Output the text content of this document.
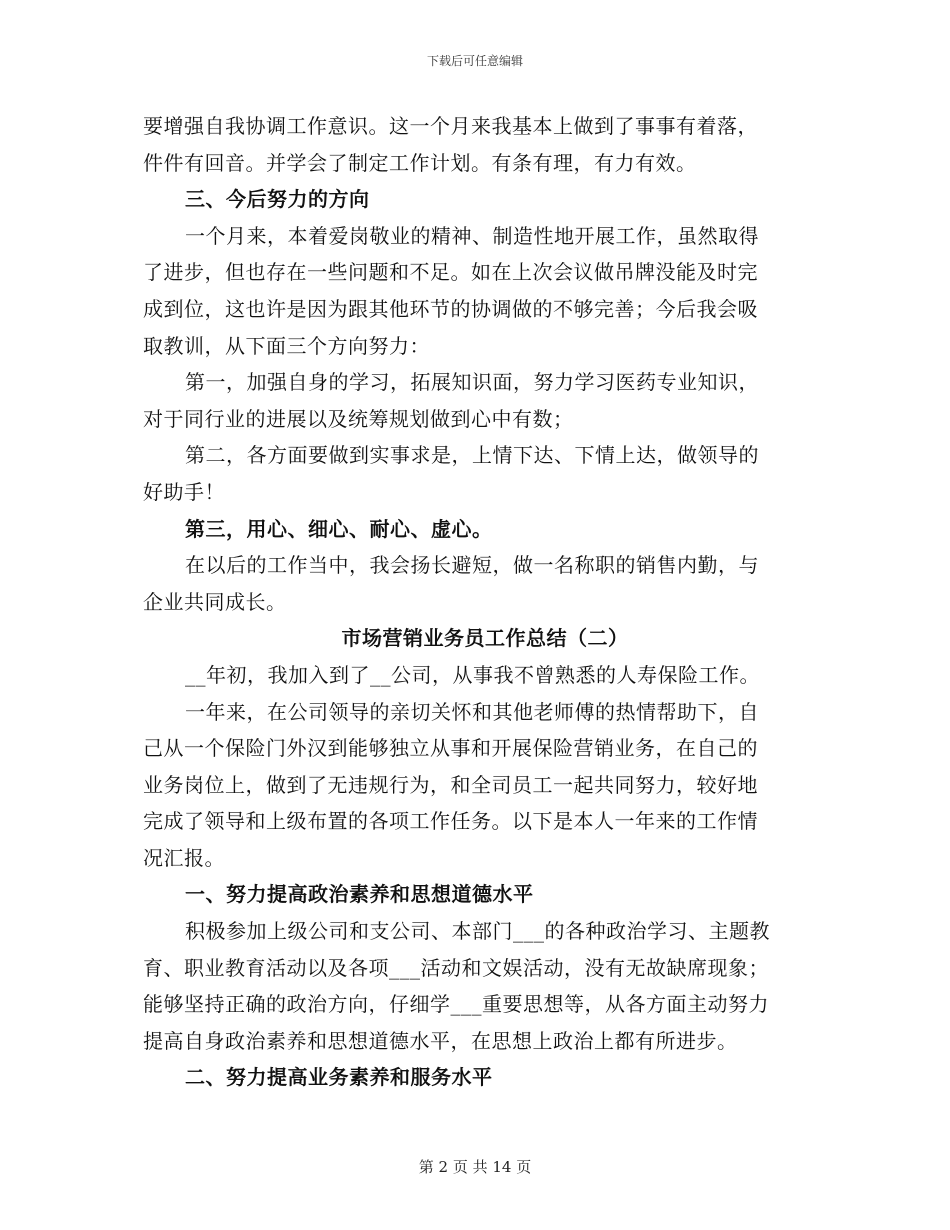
下载后可任意编辑
要增强自我协调工作意识。这一个月来我基本上做到了事事有着落，
件件有回音。并学会了制定工作计划。有条有理，有力有效。
三、今后努力的方向
一个月来，本着爱岗敬业的精神、制造性地开展工作，虽然取得
了进步，但也存在一些问题和不足。如在上次会议做吊牌没能及时完
成到位，这也许是因为跟其他环节的协调做的不够完善；今后我会吸
取教训，从下面三个方向努力：
第一，加强自身的学习，拓展知识面，努力学习医药专业知识，
对于同行业的进展以及统筹规划做到心中有数；
第二，各方面要做到实事求是，上情下达、下情上达，做领导的
好助手！
第三，用心、细心、耐心、虚心。
在以后的工作当中，我会扬长避短，做一名称职的销售内勤，与
企业共同成长。
市场营销业务员工作总结（二）
__年初，我加入到了__公司，从事我不曾熟悉的人寿保险工作。
一年来，在公司领导的亲切关怀和其他老师傅的热情帮助下，自
己从一个保险门外汉到能够独立从事和开展保险营销业务，在自己的
业务岗位上，做到了无违规行为，和全司员工一起共同努力，较好地
完成了领导和上级布置的各项工作任务。以下是本人一年来的工作情
况汇报。
一、努力提高政治素养和思想道德水平
积极参加上级公司和支公司、本部门___的各种政治学习、主题教
育、职业教育活动以及各项___活动和文娱活动，没有无故缺席现象；
能够坚持正确的政治方向，仔细学___重要思想等，从各方面主动努力
提高自身政治素养和思想道德水平，在思想上政治上都有所进步。
二、努力提高业务素养和服务水平
第 2 页 共 14 页
